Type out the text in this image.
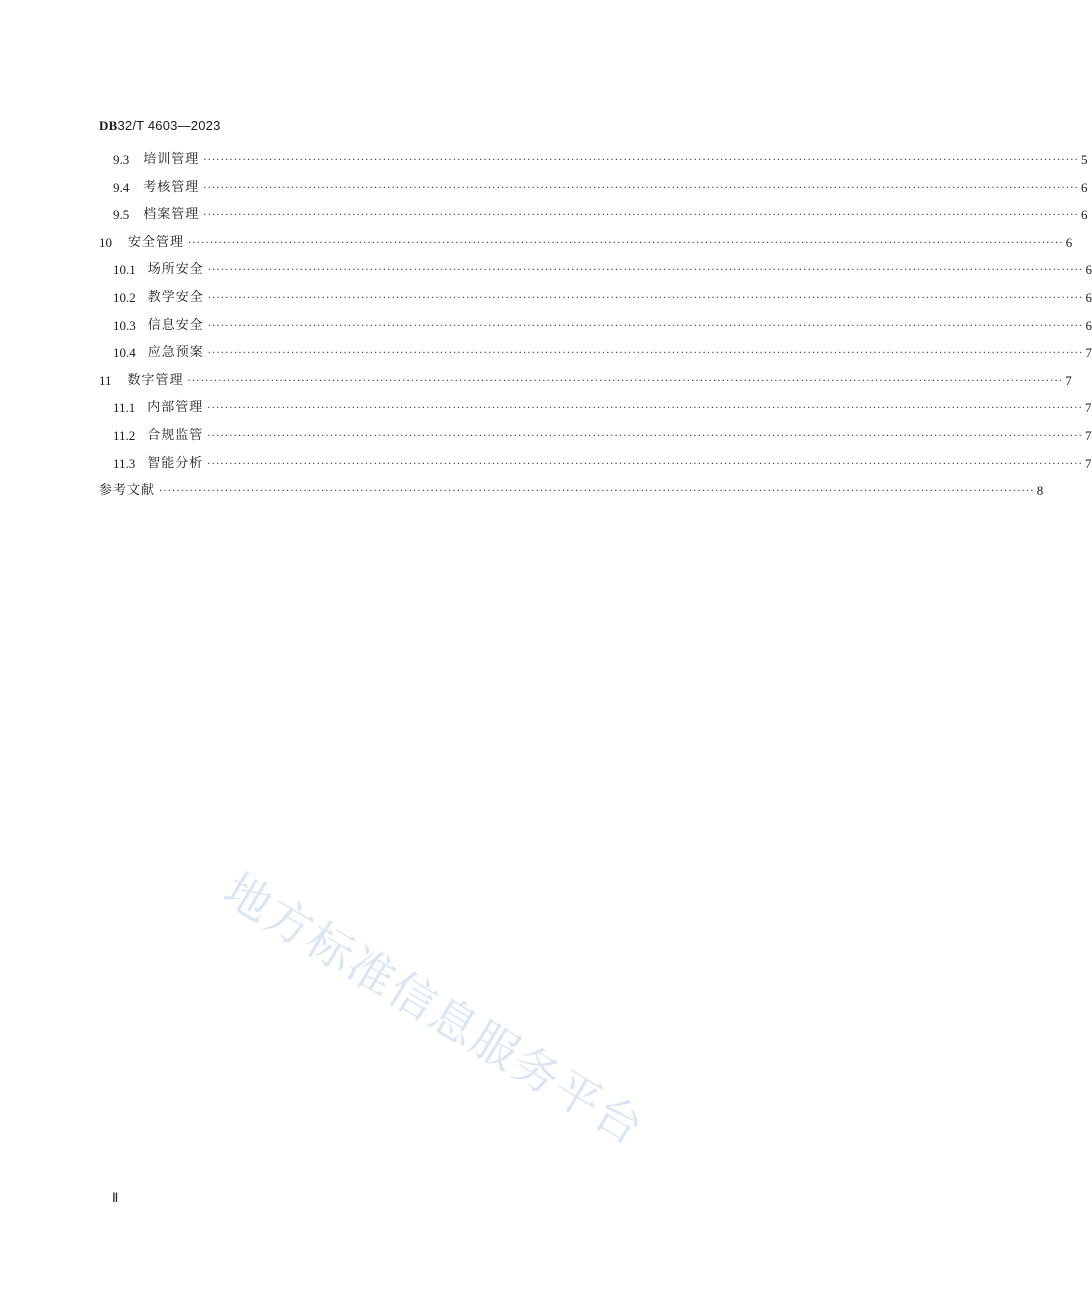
DB32/T 4603—2023
9.3 培训管理 ········································································································································································································ 5
9.4 考核管理 ········································································································································································································ 6
9.5 档案管理 ········································································································································································································ 6
10 安全管理 ········································································································································································································ 6
10.1 场所安全 ········································································································································································································ 6
10.2 教学安全 ········································································································································································································ 6
10.3 信息安全 ········································································································································································································ 6
10.4 应急预案 ········································································································································································································ 7
11 数字管理 ········································································································································································································ 7
11.1 内部管理 ········································································································································································································ 7
11.2 合规监管 ········································································································································································································ 7
11.3 智能分析 ········································································································································································································ 7
参考文献 ········································································································································································································ 8
Ⅱ
地方标准信息服务平台
